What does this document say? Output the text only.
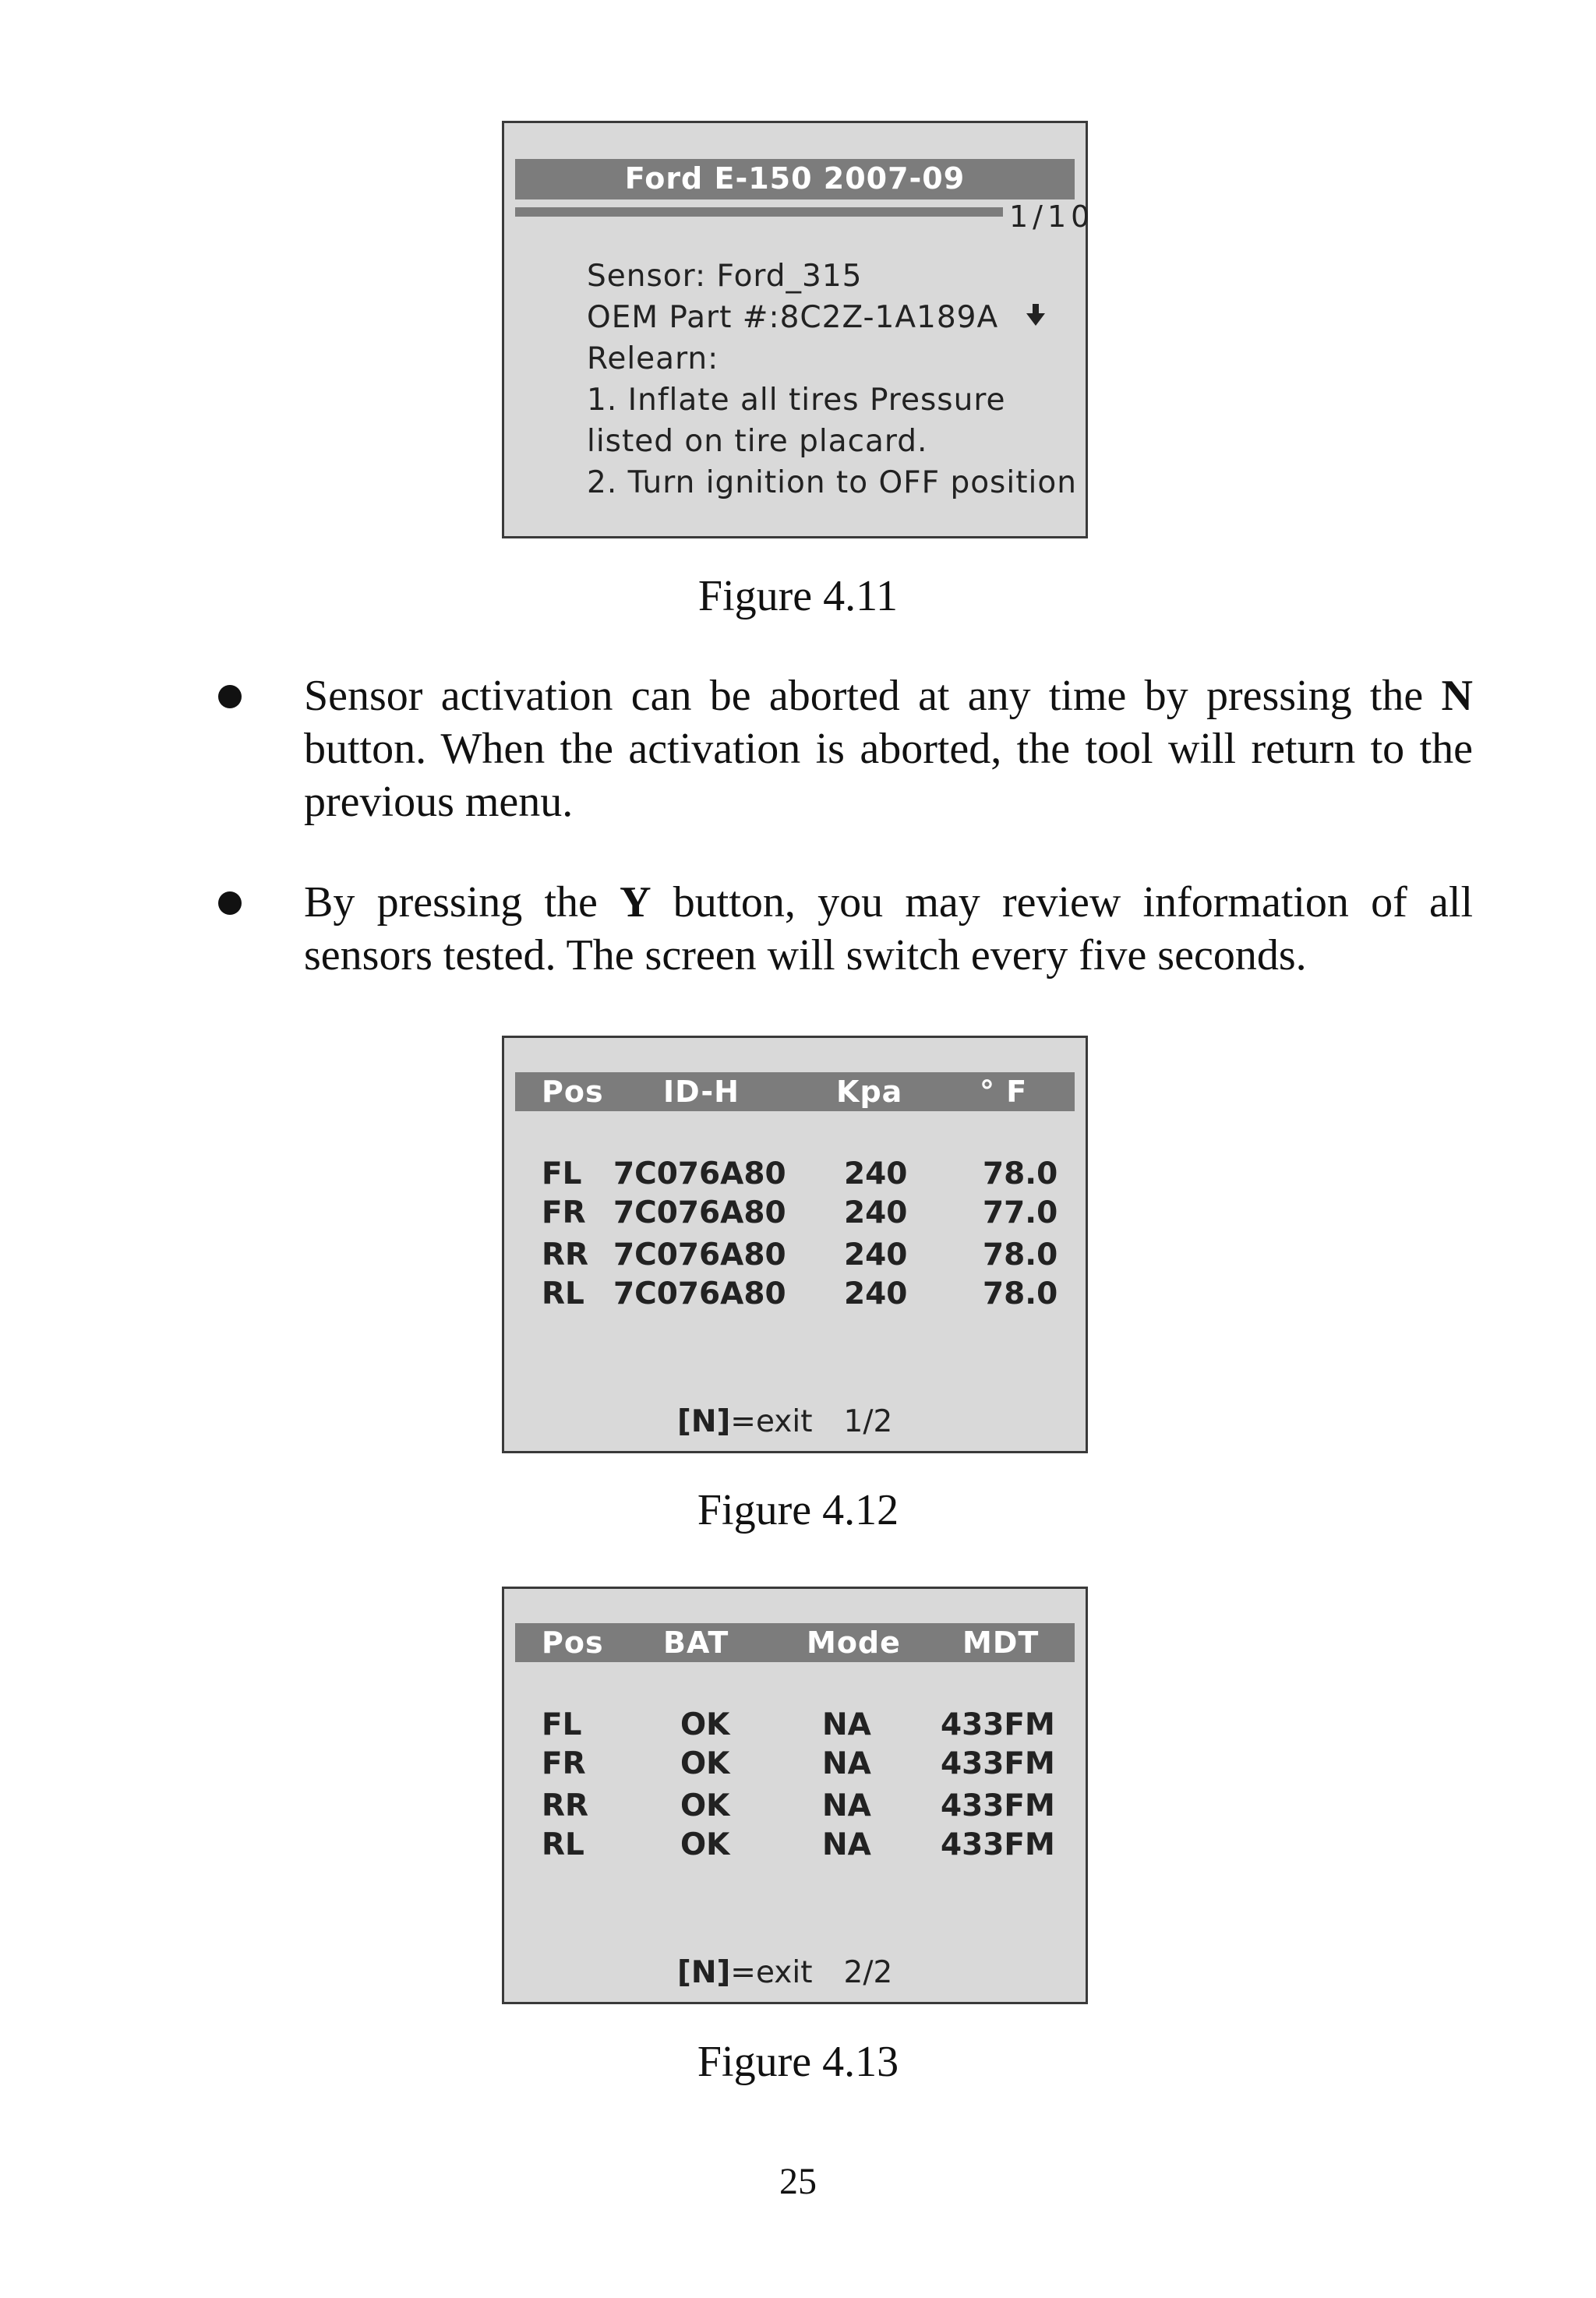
Ford E-150 2007-09
1/10
Sensor: Ford_315
OEM Part #:8C2Z-1A189A
Relearn:
1. Inflate all tires Pressure
listed on tire placard.
2. Turn ignition to OFF position
Figure 4.11
Sensor activation can be aborted at any time by pressing the N button. When the activation is aborted, the tool will return to the previous menu.
By pressing the Y button, you may review information of all sensors tested. The screen will switch every five seconds.
Pos ID-H	Kpa	° F
FL 7C076A80 240 78.0
FR 7C076A80 240 77.0
RR 7C076A80 240 78.0
RL 7C076A80 240 78.0
[N]=exit 1/2
Figure 4.12
Pos BAT	Mode MDT
FL	OK	NA 433FM
FR	OK	NA 433FM
RR	OK	NA 433FM
RL	OK	NA 433FM
[N]=exit 2/2
Figure 4.13
25
